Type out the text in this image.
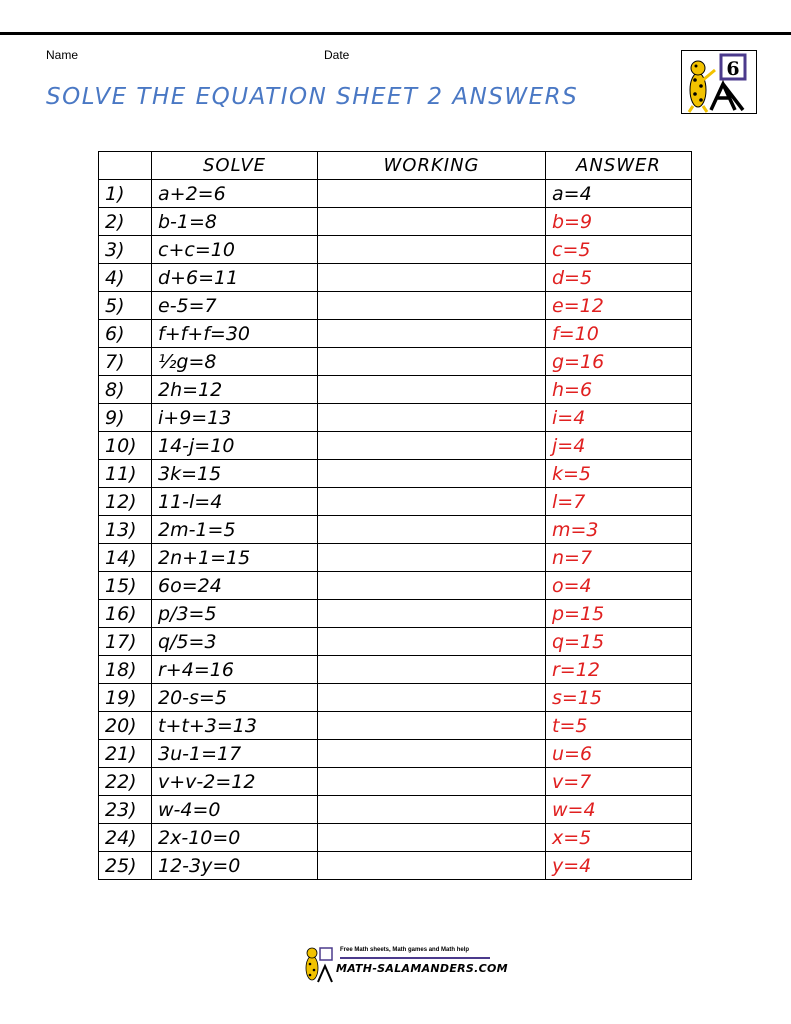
Name	Date
SOLVE THE EQUATION SHEET 2 ANSWERS
6
	SOLVE	WORKING	ANSWER
1)	a+2=6		a=4
2)	b-1=8		b=9
3)	c+c=10		c=5
4)	d+6=11		d=5
5)	e-5=7		e=12
6)	f+f+f=30		f=10
7)	½g=8		g=16
8)	2h=12		h=6
9)	i+9=13		i=4
10)	14-j=10		j=4
11)	3k=15		k=5
12)	11-l=4		l=7
13)	2m-1=5		m=3
14)	2n+1=15		n=7
15)	6o=24		o=4
16)	p/3=5		p=15
17)	q/5=3		q=15
18)	r+4=16		r=12
19)	20-s=5		s=15
20)	t+t+3=13		t=5
21)	3u-1=17		u=6
22)	v+v-2=12		v=7
23)	w-4=0		w=4
24)	2x-10=0		x=5
25)	12-3y=0		y=4
Free Math sheets, Math games and Math help
MATH-SALAMANDERS.COM
